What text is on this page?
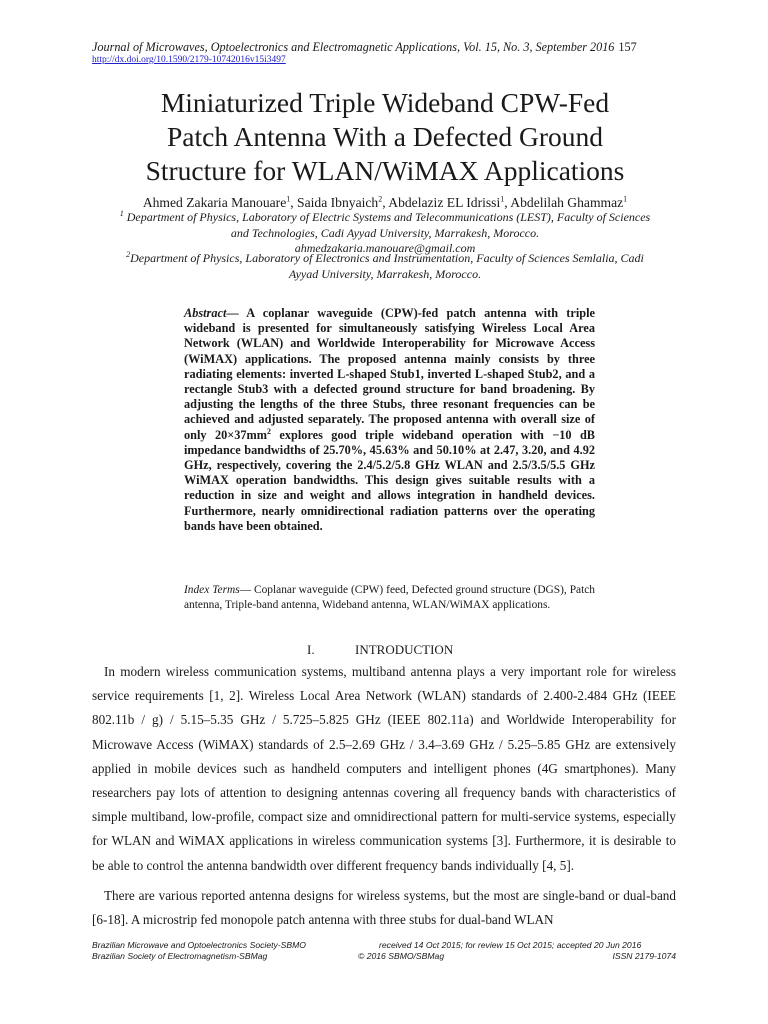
Journal of Microwaves, Optoelectronics and Electromagnetic Applications, Vol. 15, No. 3, September 2016 157
http://dx.doi.org/10.1590/2179-10742016v15i3497
Miniaturized Triple Wideband CPW-Fed
Patch Antenna With a Defected Ground
Structure for WLAN/WiMAX Applications
Ahmed Zakaria Manouare$^1$, Saida Ibnyaich$^2$, Abdelaziz EL Idrissi$^1$, Abdelilah Ghammaz$^1$
$^1$ Department of Physics, Laboratory of Electric Systems and Telecommunications (LEST), Faculty of Sciences
and Technologies, Cadi Ayyad University, Marrakesh, Morocco.
ahmedzakaria.manouare@gmail.com
$^2$Department of Physics, Laboratory of Electronics and Instrumentation, Faculty of Sciences Semlalia, Cadi
Ayyad University, Marrakesh, Morocco.
Abstract— A coplanar waveguide (CPW)-fed patch antenna with triple wideband is presented for simultaneously satisfying Wireless Local Area Network (WLAN) and Worldwide Interoperability for Microwave Access (WiMAX) applications. The proposed antenna mainly consists by three radiating elements: inverted L-shaped Stub1, inverted L-shaped Stub2, and a rectangle Stub3 with a defected ground structure for band broadening. By adjusting the lengths of the three Stubs, three resonant frequencies can be achieved and adjusted separately. The proposed antenna with overall size of only $20\times 37mm^2$ explores good triple wideband operation with −10 dB impedance bandwidths of 25.70%, 45.63% and 50.10% at 2.47, 3.20, and 4.92 GHz, respectively, covering the 2.4/5.2/5.8 GHz WLAN and 2.5/3.5/5.5 GHz WiMAX operation bandwidths. This design gives suitable results with a reduction in size and weight and allows integration in handheld devices. Furthermore, nearly omnidirectional radiation patterns over the operating bands have been obtained.
Index Terms— Coplanar waveguide (CPW) feed, Defected ground structure (DGS), Patch antenna, Triple-band antenna, Wideband antenna, WLAN/WiMAX applications.
I.	INTRODUCTION

In modern wireless communication systems, multiband antenna plays a very important role for wireless service requirements [1, 2]. Wireless Local Area Network (WLAN) standards of 2.400-2.484 GHz (IEEE 802.11b / g) / 5.15–5.35 GHz / 5.725–5.825 GHz (IEEE 802.11a) and Worldwide Interoperability for Microwave Access (WiMAX) standards of 2.5–2.69 GHz / 3.4–3.69 GHz / 5.25–5.85 GHz are extensively applied in mobile devices such as handheld computers and intelligent phones (4G smartphones). Many researchers pay lots of attention to designing antennas covering all frequency bands with characteristics of simple multiband, low-profile, compact size and omnidirectional pattern for multi-service systems, especially for WLAN and WiMAX applications in wireless communication systems [3]. Furthermore, it is desirable to be able to control the antenna bandwidth over different frequency bands individually [4, 5].

There are various reported antenna designs for wireless systems, but the most are single-band or dual-band [6-18]. A microstrip fed monopole patch antenna with three stubs for dual-band WLAN

Brazilian Microwave and Optoelectronics Society-SBMO	received 14 Oct 2015; for review 15 Oct 2015; accepted 20 Jun 2016
Brazilian Society of Electromagnetism-SBMag	© 2016 SBMO/SBMag	ISSN 2179-1074
